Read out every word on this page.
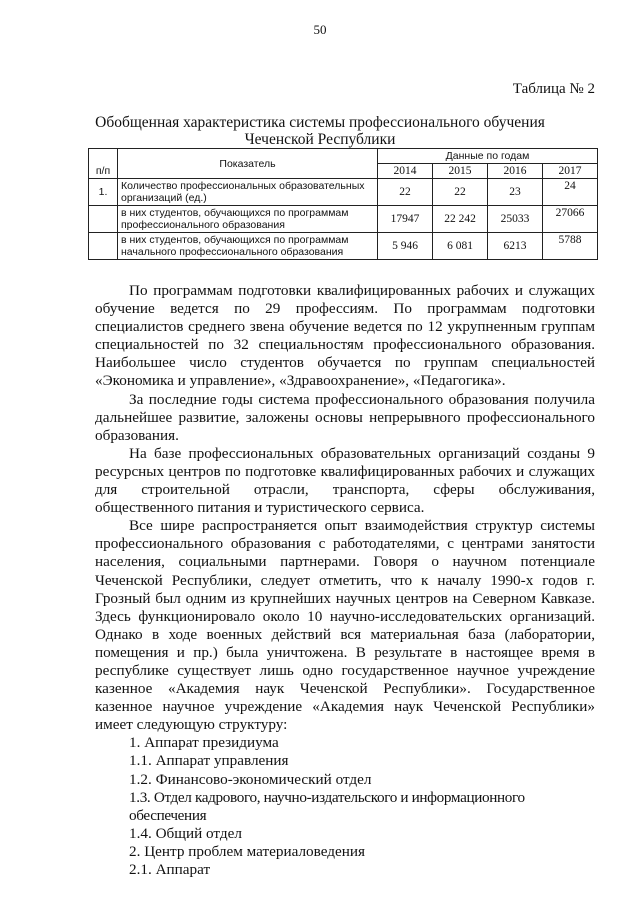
50
Таблица № 2
Обобщенная характеристика системы профессионального обучения
Чеченской Республики
п/п	Показатель	Данные по годам			
		2014	2015	2016	2017
1.	Количество профессиональных образовательных организаций (ед.)	22	22	23	24
	в них студентов, обучающихся по программам профессионального образования	17947	22 242	25033	27066
	в них студентов, обучающихся по программам начального профессионального образования	5 946	6 081	6213	5788

По программам подготовки квалифицированных рабочих и служащих обучение ведется по 29 профессиям. По программам подготовки специалистов среднего звена обучение ведется по 12 укрупненным группам специальностей по 32 специальностям профессионального образования. Наибольшее число студентов обучается по группам специальностей «Экономика и управление», «Здравоохранение», «Педагогика».

За последние годы система профессионального образования получила дальнейшее развитие, заложены основы непрерывного профессионального образования.

На базе профессиональных образовательных организаций созданы 9 ресурсных центров по подготовке квалифицированных рабочих и служащих для строительной отрасли, транспорта, сферы обслуживания, общественного питания и туристического сервиса.

Все шире распространяется опыт взаимодействия структур системы профессионального образования с работодателями, с центрами занятости населения, социальными партнерами. Говоря о научном потенциале Чеченской Республики, следует отметить, что к началу 1990-х годов г. Грозный был одним из крупнейших научных центров на Северном Кавказе. Здесь функционировало около 10 научно-исследовательских организаций. Однако в ходе военных действий вся материальная база (лаборатории, помещения и пр.) была уничтожена. В результате в настоящее время в республике существует лишь одно государственное научное учреждение казенное «Академия наук Чеченской Республики». Государственное казенное научное учреждение «Академия наук Чеченской Республики» имеет следующую структуру:

1. Аппарат президиума
1.1. Аппарат управления
1.2. Финансово-экономический отдел
1.3. Отдел кадрового, научно-издательского и информационного обеспечения
1.4. Общий отдел
2. Центр проблем материаловедения
2.1. Аппарат
